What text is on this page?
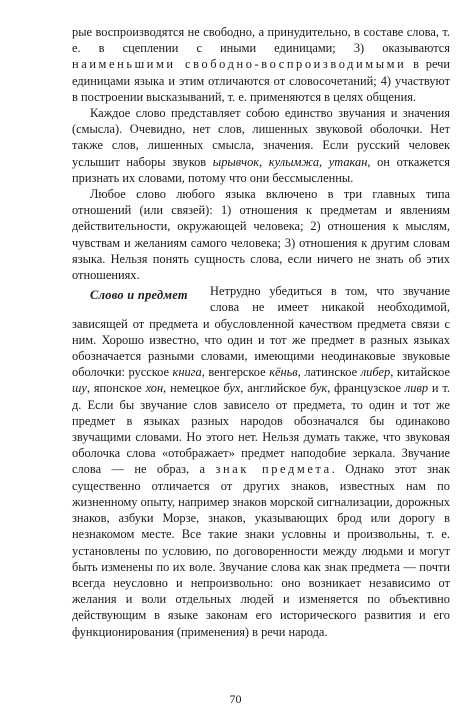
рые воспроизводятся не свободно, а принудительно, в составе слова, т. е. в сцеплении с иными единицами; 3) оказываются наименьшими свободно-воспроизводимыми в речи единицами языка и этим отличаются от словосочетаний; 4) участвуют в построении высказываний, т. е. применяются в целях общения.

Каждое слово представляет собою единство звучания и значения (смысла). Очевидно, нет слов, лишенных звуковой оболочки. Нет также слов, лишенных смысла, значения. Если русский человек услышит наборы звуков ырывчок, кулымжа, утакан, он откажется признать их словами, потому что они бессмысленны.

Любое слово любого языка включено в три главных типа отношений (или связей): 1) отношения к предметам и явлениям действительности, окружающей человека; 2) отношения к мыслям, чувствам и желаниям самого человека; 3) отношения к другим словам языка. Нельзя понять сущность слова, если ничего не знать об этих отношениях.

Слово и предмет	Нетрудно убедиться в том, что звучание слова не имеет никакой необходимой, зависящей от предмета и обусловленной качеством предмета связи с ним. Хорошо известно, что один и тот же предмет в разных языках обозначается разными словами, имеющими неодинаковые звуковые оболочки: русское книга, венгерское кёньв, латинское либер, китайское шу, японское хон, немецкое бух, английское бук, французское ливр и т. д. Если бы звучание слов зависело от предмета, то один и тот же предмет в языках разных народов обозначался бы одинаково звучащими словами. Но этого нет. Нельзя думать также, что звуковая оболочка слова «отображает» предмет наподобие зеркала. Звучание слова — не образ, а знак предмета. Однако этот знак существенно отличается от других знаков, известных нам по жизненному опыту, например знаков морской сигнализации, дорожных знаков, азбуки Морзе, знаков, указывающих брод или дорогу в незнакомом месте. Все такие знаки условны и произвольны, т. е. установлены по условию, по договоренности между людьми и могут быть изменены по их воле. Звучание слова как знак предмета — почти всегда неусловно и непроизвольно: оно возникает независимо от желания и воли отдельных людей и изменяется по объективно действующим в языке законам его исторического развития и его функционирования (применения) в речи народа.

70
